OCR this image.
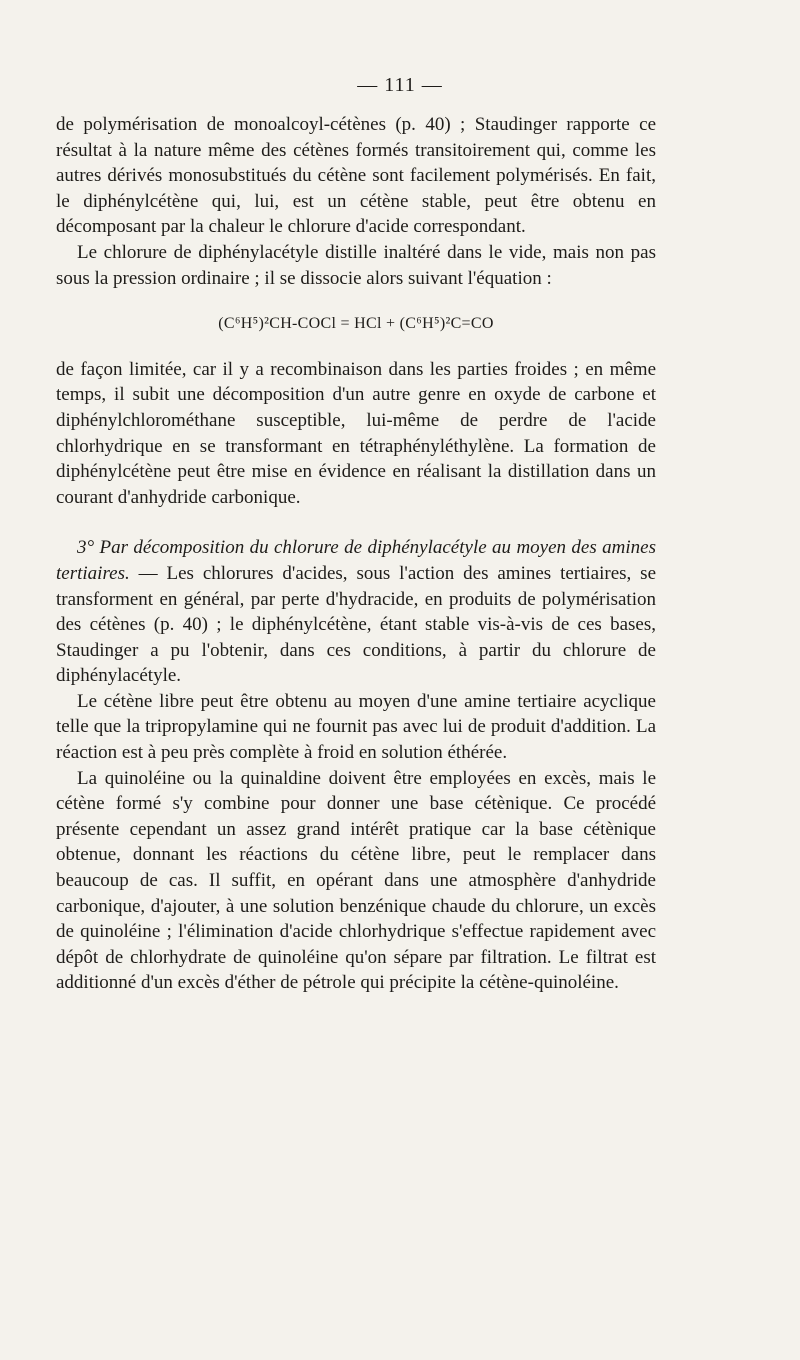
— 111 —

de polymérisation de monoalcoyl-cétènes (p. 40) ; Staudinger rapporte ce résultat à la nature même des cétènes formés transitoirement qui, comme les autres dérivés monosubstitués du cétène sont facilement polymérisés. En fait, le diphénylcétène qui, lui, est un cétène stable, peut être obtenu en décomposant par la chaleur le chlorure d'acide correspondant.

Le chlorure de diphénylacétyle distille inaltéré dans le vide, mais non pas sous la pression ordinaire ; il se dissocie alors suivant l'équation :

(C⁶H⁵)²CH-COCl = HCl + (C⁶H⁵)²C=CO

de façon limitée, car il y a recombinaison dans les parties froides ; en même temps, il subit une décomposition d'un autre genre en oxyde de carbone et diphénylchlorométhane susceptible, lui-même de perdre de l'acide chlorhydrique en se transformant en tétraphényléthylène. La formation de diphénylcétène peut être mise en évidence en réalisant la distillation dans un courant d'anhydride carbonique.

3° Par décomposition du chlorure de diphénylacétyle au moyen des amines tertiaires. — Les chlorures d'acides, sous l'action des amines tertiaires, se transforment en général, par perte d'hydracide, en produits de polymérisation des cétènes (p. 40) ; le diphénylcétène, étant stable vis-à-vis de ces bases, Staudinger a pu l'obtenir, dans ces conditions, à partir du chlorure de diphénylacétyle.

Le cétène libre peut être obtenu au moyen d'une amine tertiaire acyclique telle que la tripropylamine qui ne fournit pas avec lui de produit d'addition. La réaction est à peu près complète à froid en solution éthérée.

La quinoléine ou la quinaldine doivent être employées en excès, mais le cétène formé s'y combine pour donner une base cétènique. Ce procédé présente cependant un assez grand intérêt pratique car la base cétènique obtenue, donnant les réactions du cétène libre, peut le remplacer dans beaucoup de cas. Il suffit, en opérant dans une atmosphère d'anhydride carbonique, d'ajouter, à une solution benzénique chaude du chlorure, un excès de quinoléine ; l'élimination d'acide chlorhydrique s'effectue rapidement avec dépôt de chlorhydrate de quinoléine qu'on sépare par filtration. Le filtrat est additionné d'un excès d'éther de pétrole qui précipite la cétène-quinoléine.
